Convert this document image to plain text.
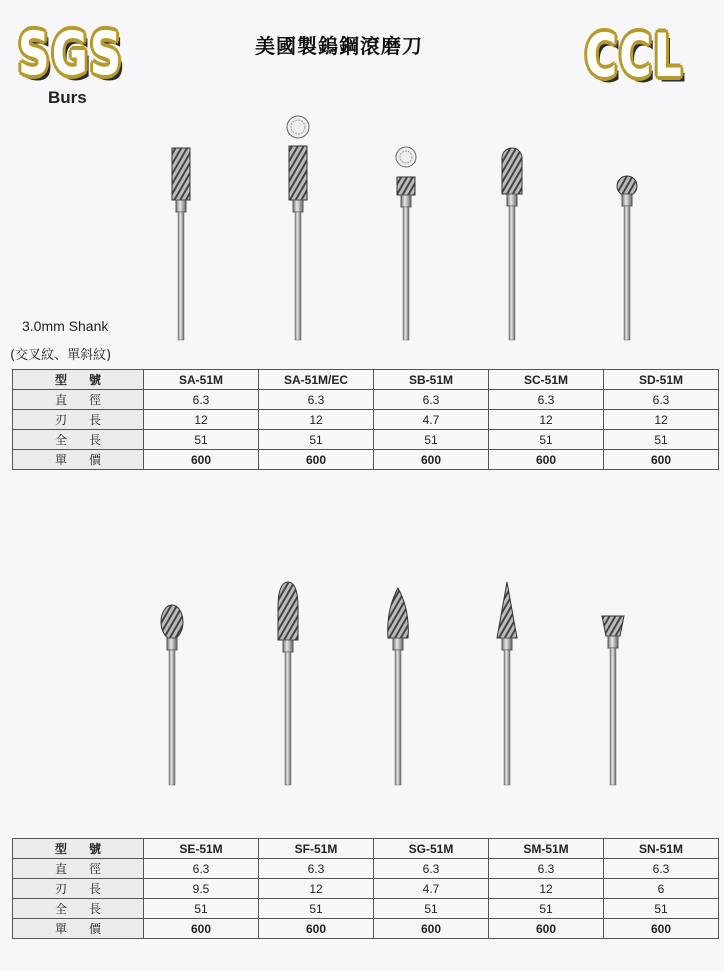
SGS
Burs
美國製鎢鋼滾磨刀	CCL
3.0mm Shank
(交叉紋、單斜紋)
型 號	SA-51M	SA-51M/EC	SB-51M	SC-51M	SD-51M
直 徑	6.3	6.3	6.3	6.3	6.3
刃 長	12	12	4.7	12	12
全 長	51	51	51	51	51
單 價	600	600	600	600	600
型 號	SE-51M	SF-51M	SG-51M	SM-51M	SN-51M
直 徑	6.3	6.3	6.3	6.3	6.3
刃 長	9.5	12	4.7	12	6
全 長	51	51	51	51	51
單 價	600	600	600	600	600
